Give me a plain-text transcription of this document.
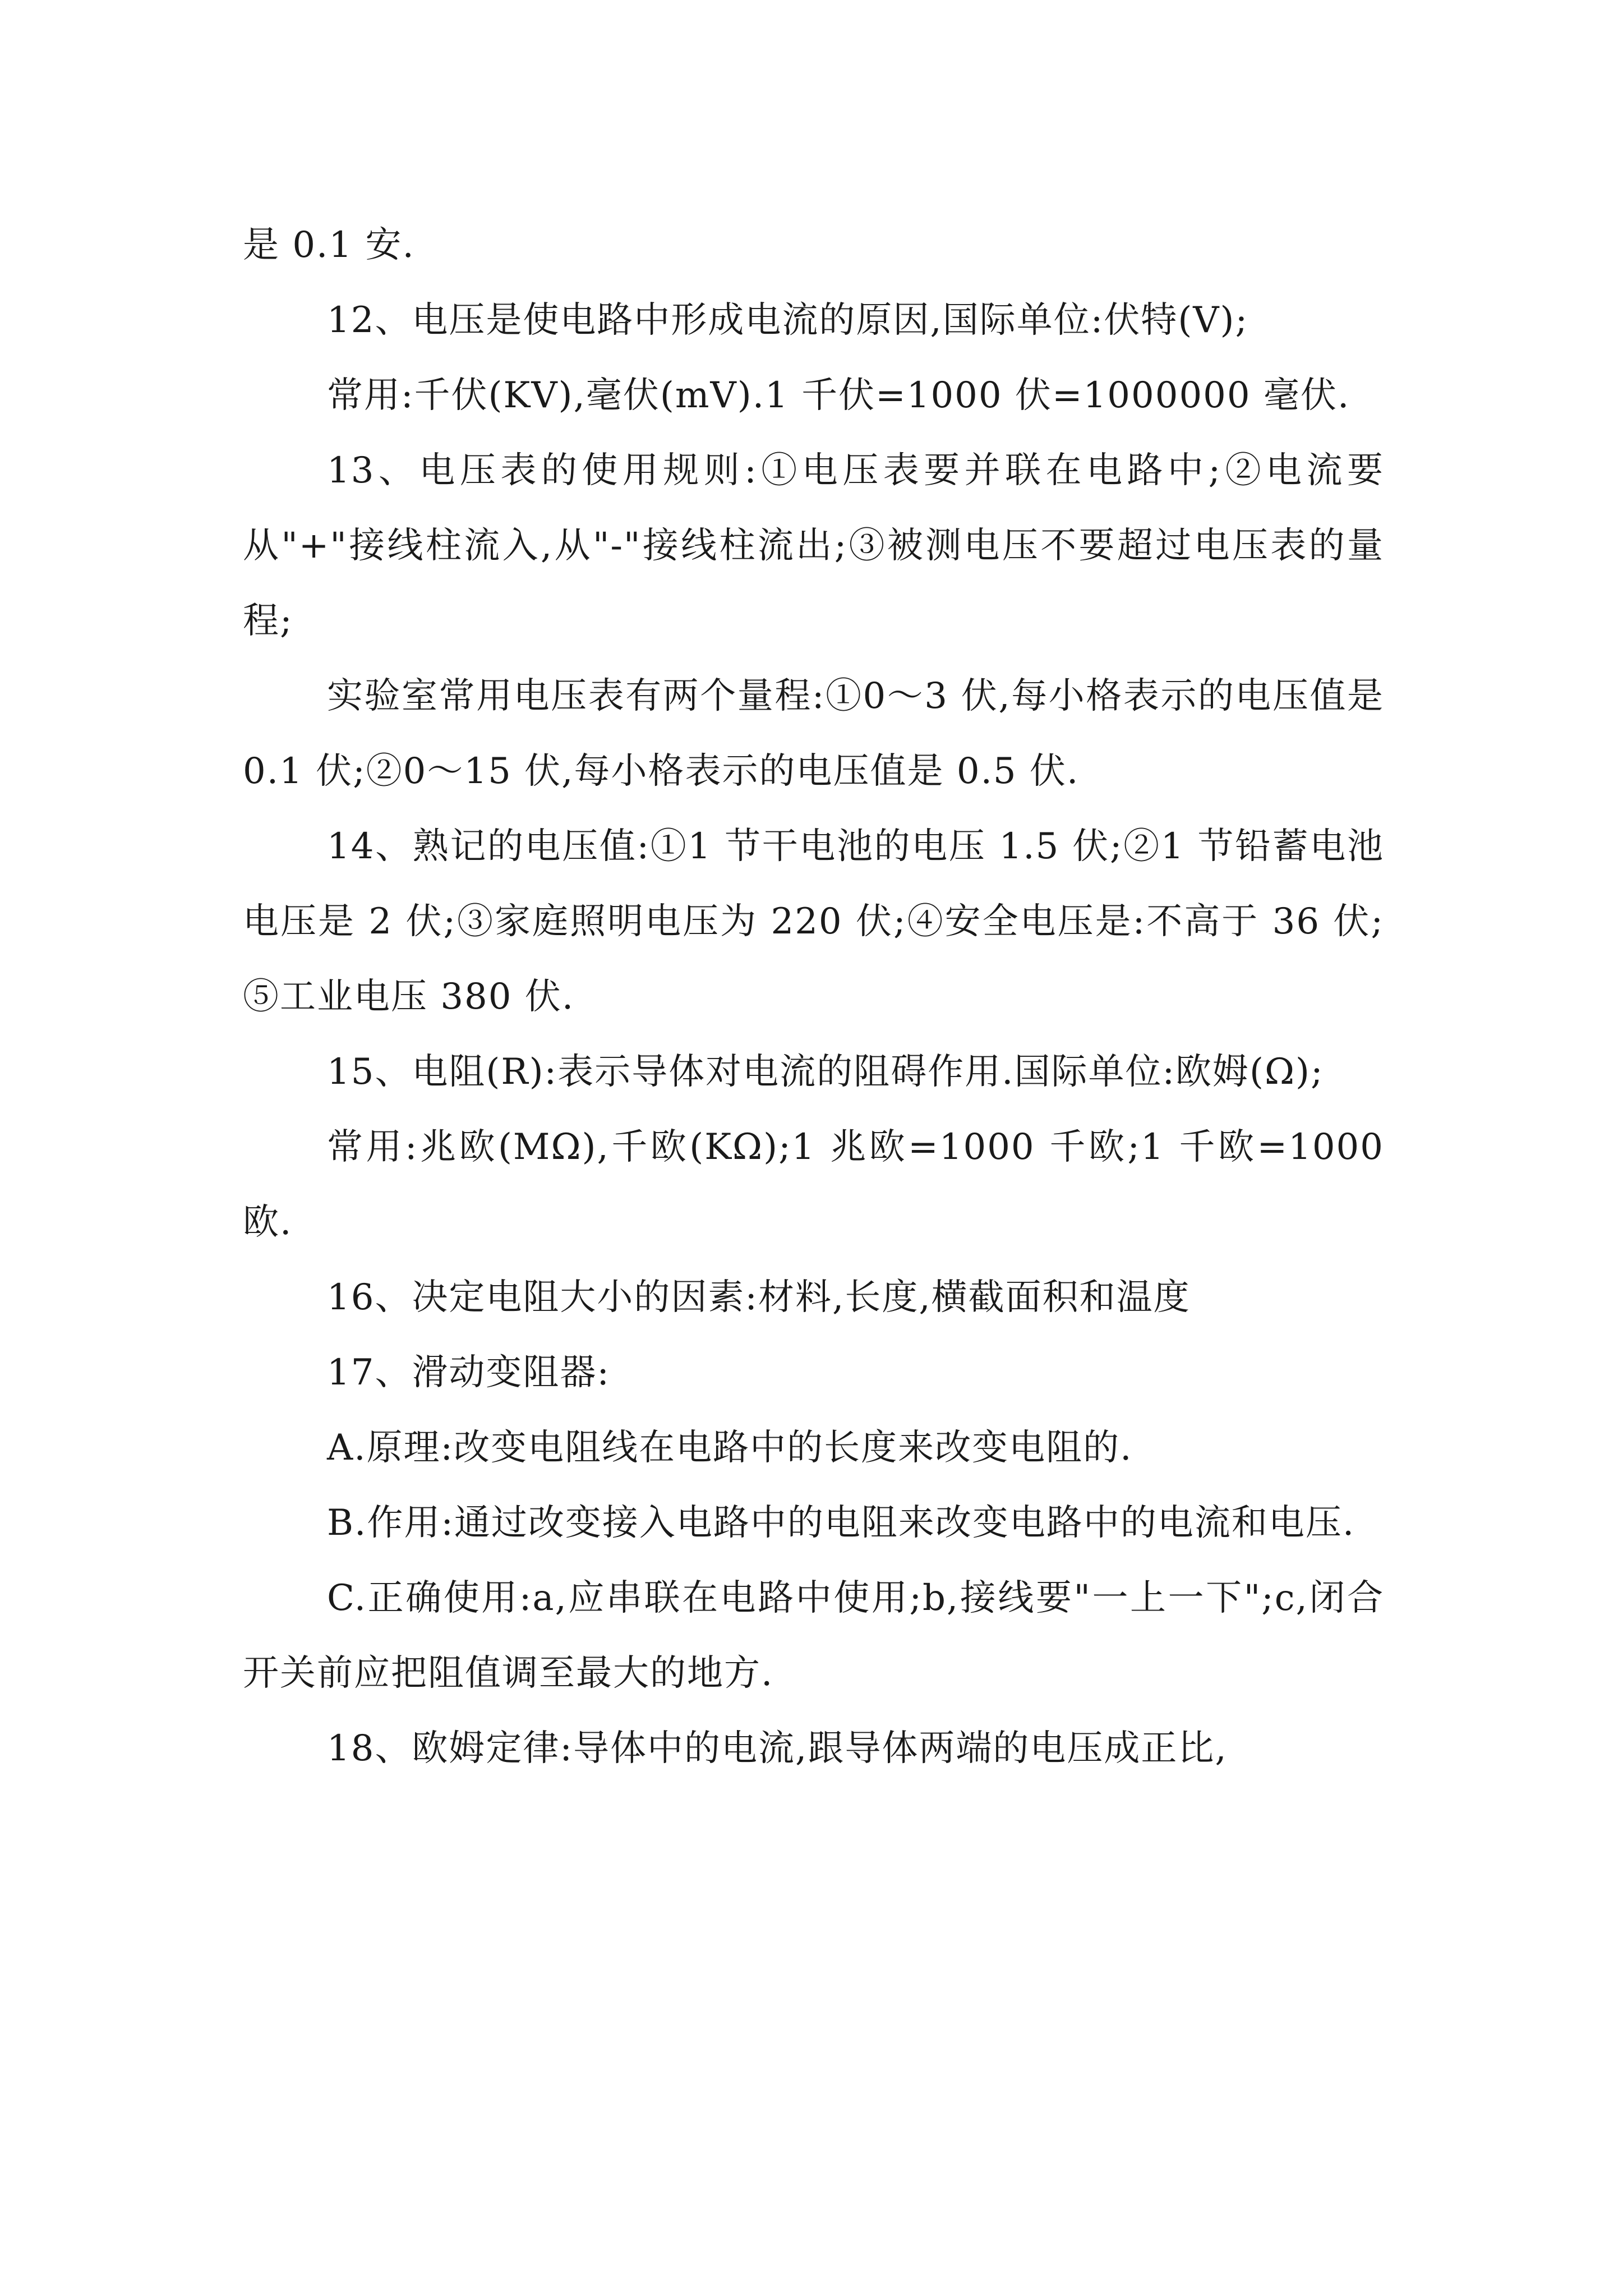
是 0.1 安.

12、电压是使电路中形成电流的原因,国际单位:伏特(V);

常用:千伏(KV),毫伏(mV).1 千伏=1000 伏=1000000 毫伏.

13、电压表的使用规则:①电压表要并联在电路中;②电流要从"+"接线柱流入,从"-"接线柱流出;③被测电压不要超过电压表的量程;

实验室常用电压表有两个量程:①0～3 伏,每小格表示的电压值是 0.1 伏;②0～15 伏,每小格表示的电压值是 0.5 伏.

14、熟记的电压值:①1 节干电池的电压 1.5 伏;②1 节铅蓄电池电压是 2 伏;③家庭照明电压为 220 伏;④安全电压是:不高于 36 伏;⑤工业电压 380 伏.

15、电阻(R):表示导体对电流的阻碍作用.国际单位:欧姆(Ω);

常用:兆欧(MΩ),千欧(KΩ);1 兆欧=1000 千欧;1 千欧=1000 欧.

16、决定电阻大小的因素:材料,长度,横截面积和温度

17、滑动变阻器:

A.原理:改变电阻线在电路中的长度来改变电阻的.

B.作用:通过改变接入电路中的电阻来改变电路中的电流和电压.

C.正确使用:a,应串联在电路中使用;b,接线要"一上一下";c,闭合开关前应把阻值调至最大的地方.

18、欧姆定律:导体中的电流,跟导体两端的电压成正比,
